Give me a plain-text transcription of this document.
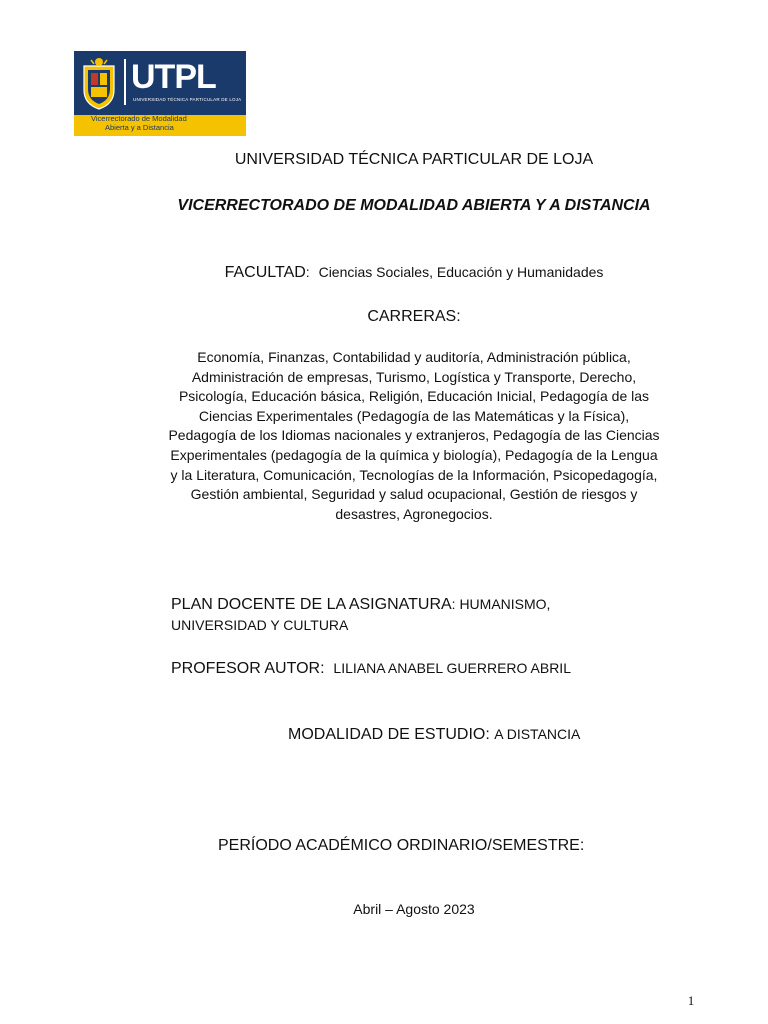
UTPL
UNIVERSIDAD TÉCNICA PARTICULAR DE LOJA
Vicerrectorado de Modalidad
Abierta y a Distancia
UNIVERSIDAD TÉCNICA PARTICULAR DE LOJA
VICERRECTORADO DE MODALIDAD ABIERTA Y A DISTANCIA
FACULTAD: Ciencias Sociales, Educación y Humanidades
CARRERAS:
Economía, Finanzas, Contabilidad y auditoría, Administración pública, Administración de empresas, Turismo, Logística y Transporte, Derecho, Psicología, Educación básica, Religión, Educación Inicial, Pedagogía de las Ciencias Experimentales (Pedagogía de las Matemáticas y la Física), Pedagogía de los Idiomas nacionales y extranjeros, Pedagogía de las Ciencias Experimentales (pedagogía de la química y biología), Pedagogía de la Lengua y la Literatura, Comunicación, Tecnologías de la Información, Psicopedagogía, Gestión ambiental, Seguridad y salud ocupacional, Gestión de riesgos y desastres, Agronegocios.
PLAN DOCENTE DE LA ASIGNATURA: HUMANISMO, UNIVERSIDAD Y CULTURA
PROFESOR AUTOR: LILIANA ANABEL GUERRERO ABRIL
MODALIDAD DE ESTUDIO: A DISTANCIA
PERÍODO ACADÉMICO ORDINARIO/SEMESTRE:
Abril – Agosto 2023
1
